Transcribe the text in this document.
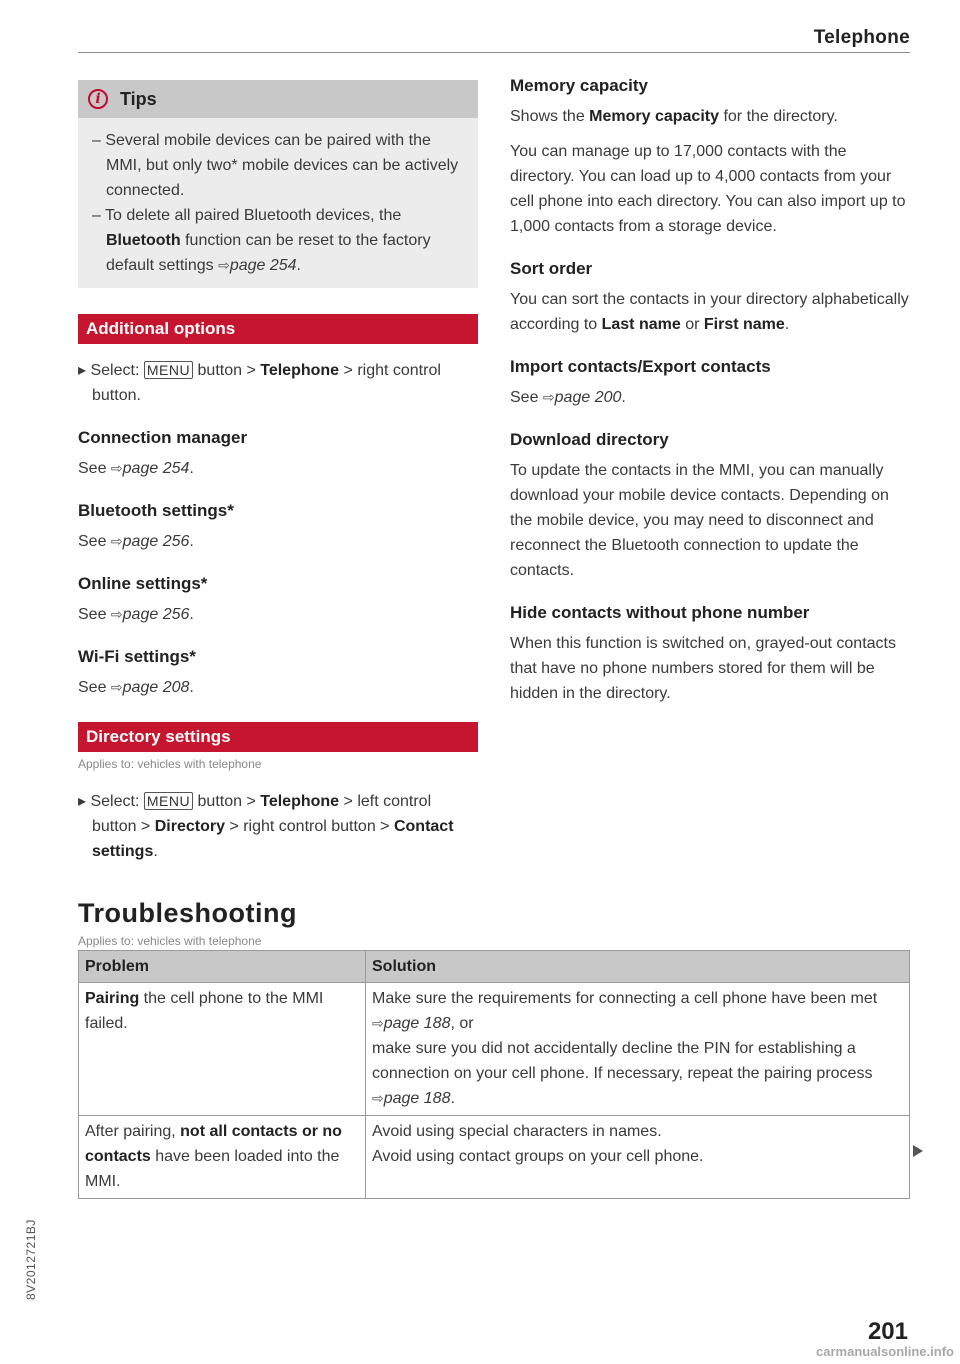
Telephone
i	Tips

– Several mobile devices can be paired with the MMI, but only two* mobile devices can be actively connected.

– To delete all paired Bluetooth devices, the Bluetooth function can be reset to the factory default settings ⇨page 254.

Additional options

▸ Select: MENU button > Telephone > right control button.

Connection manager

See ⇨page 254.

Bluetooth settings*

See ⇨page 256.

Online settings*

See ⇨page 256.

Wi-Fi settings*

See ⇨page 208.

Directory settings
Applies to: vehicles with telephone

▸ Select: MENU button > Telephone > left control button > Directory > right control button > Contact settings.

Troubleshooting
Applies to: vehicles with telephone
Memory capacity

Shows the Memory capacity for the directory.

You can manage up to 17,000 contacts with the directory. You can load up to 4,000 contacts from your cell phone into each directory. You can also import up to 1,000 contacts from a storage device.

Sort order

You can sort the contacts in your directory alphabetically according to Last name or First name.

Import contacts/Export contacts

See ⇨page 200.

Download directory

To update the contacts in the MMI, you can manually download your mobile device contacts. Depending on the mobile device, you may need to disconnect and reconnect the Bluetooth connection to update the contacts.

Hide contacts without phone number

When this function is switched on, grayed-out contacts that have no phone numbers stored for them will be hidden in the directory.

Problem	Solution
Pairing the cell phone to the MMI failed.	Make sure the requirements for connecting a cell phone have been met ⇨page 188, or
make sure you did not accidentally decline the PIN for establishing a connection on your cell phone. If necessary, repeat the pairing process ⇨page 188.

After pairing, not all contacts or no contacts have been loaded into the MMI.	Avoid using special characters in names.
Avoid using contact groups on your cell phone.
8V2012721BJ
201
carmanualsonline.info
